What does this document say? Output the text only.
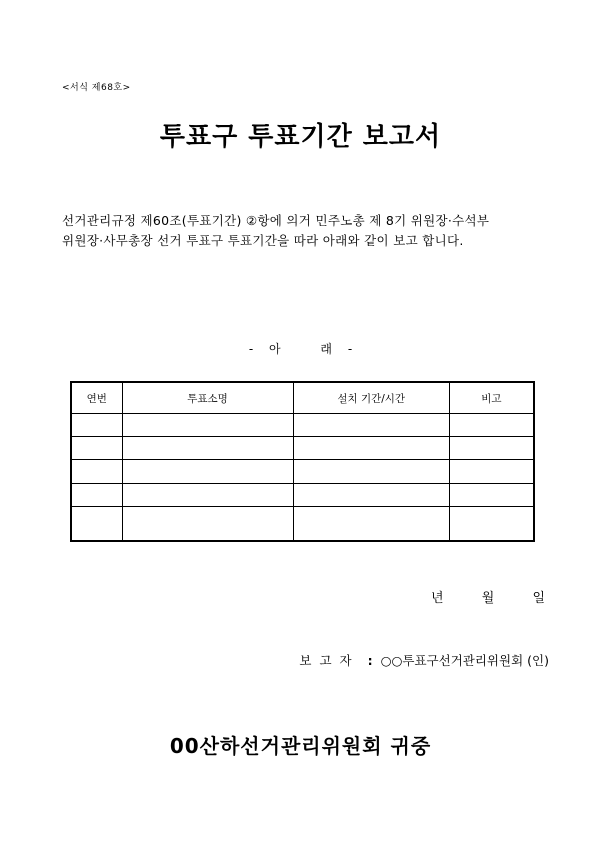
<서식 제68호>
투표구 투표기간 보고서
선거관리규정 제60조(투표기간) ②항에 의거 민주노총 제 8기 위원장·수석부
위원장·사무총장 선거 투표구 투표기간을 따라 아래와 같이 보고 합니다.
- 아	래 -
연번	투표소명	설치 기간/시간	비고

년	월	일
보 고 자 : ○○투표구선거관리위원회 (인)
00산하선거관리위원회 귀중
